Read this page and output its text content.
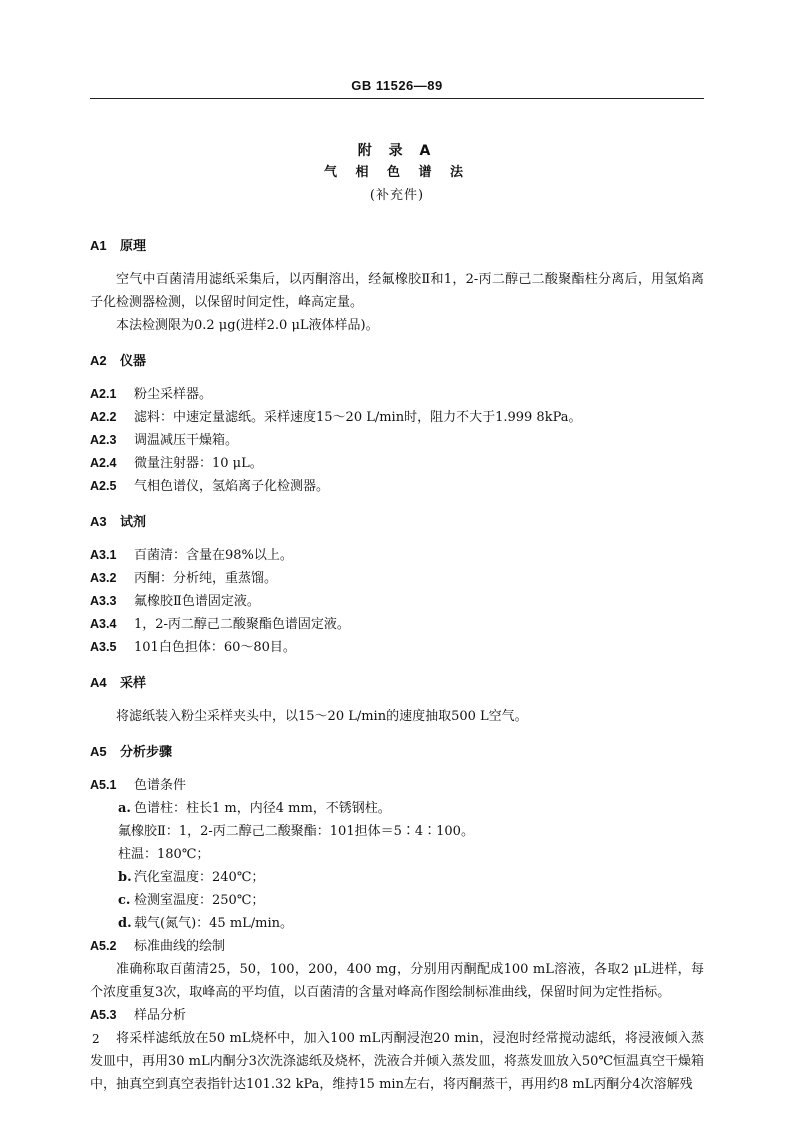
GB 11526—89
附 录 A
气 相 色 谱 法
(补充件)

A1 原理

空气中百菌清用滤纸采集后，以丙酮溶出，经氟橡胶Ⅱ和1，2-丙二醇己二酸聚酯柱分离后，用氢焰离子化检测器检测，以保留时间定性，峰高定量。

本法检测限为0.2 μg(进样2.0 μL液体样品)。

A2 仪器

A2.1 粉尘采样器。

A2.2 滤料：中速定量滤纸。采样速度15～20 L/min时，阻力不大于1.999 8kPa。

A2.3 调温减压干燥箱。

A2.4 微量注射器：10 μL。

A2.5 气相色谱仪，氢焰离子化检测器。

A3 试剂

A3.1 百菌清：含量在98%以上。

A3.2 丙酮：分析纯，重蒸馏。

A3.3 氟橡胶Ⅱ色谱固定液。

A3.4 1，2-丙二醇己二酸聚酯色谱固定液。

A3.5 101白色担体：60～80目。

A4 采样

将滤纸装入粉尘采样夹头中，以15～20 L/min的速度抽取500 L空气。

A5 分析步骤

A5.1 色谱条件

a. 色谱柱：柱长1 m，内径4 mm，不锈钢柱。

氟橡胶Ⅱ：1，2-丙二醇己二酸聚酯：101担体＝5∶4∶100。

柱温：180℃；

b. 汽化室温度：240℃；

c. 检测室温度：250℃；

d. 载气(氮气)：45 mL/min。

A5.2 标准曲线的绘制

准确称取百菌清25，50，100，200，400 mg，分别用丙酮配成100 mL溶液，各取2 μL进样，每个浓度重复3次，取峰高的平均值，以百菌清的含量对峰高作图绘制标准曲线，保留时间为定性指标。

A5.3 样品分析

将采样滤纸放在50 mL烧杯中，加入100 mL丙酮浸泡20 min，浸泡时经常搅动滤纸，将浸液倾入蒸发皿中，再用30 mL内酮分3次洗涤滤纸及烧杯，洗液合并倾入蒸发皿，将蒸发皿放入50℃恒温真空干燥箱中，抽真空到真空表指针达101.32 kPa，维持15 min左右，将丙酮蒸干，再用约8 mL丙酮分4次溶解残

2
